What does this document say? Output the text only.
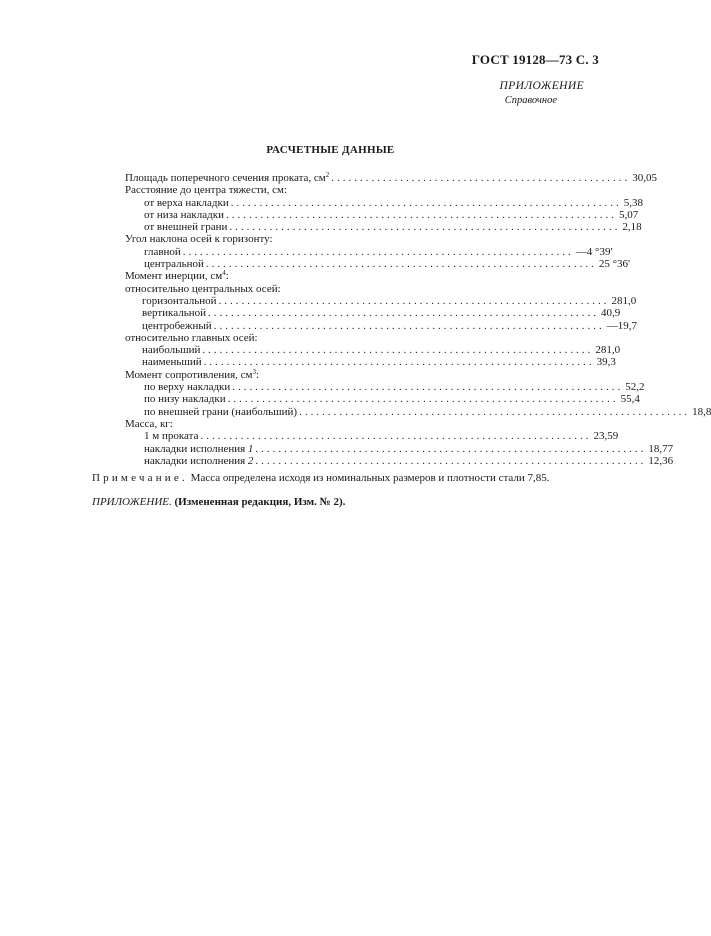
ГОСТ 19128—73 С. 3
ПРИЛОЖЕНИЕ
Справочное
РАСЧЕТНЫЕ ДАННЫЕ
Площадь поперечного сечения проката, $см^2$ .................................................... 30,05
Расстояние до центра тяжести, см:
от верха накладки .................................................................... 5,38
от низа накладки .................................................................... 5,07
от внешней грани .................................................................... 2,18
Угол наклона осей к горизонту:
главной .................................................................... —4 °39′
центральной .................................................................... 25 °36′
Момент инерции, $см^4$:
относительно центральных осей:
горизонтальной .................................................................... 281,0
вертикальной .................................................................... 40,9
центробежный .................................................................... —19,7
относительно главных осей:
наибольший .................................................................... 281,0
наименьший .................................................................... 39,3
Момент сопротивления, $см^3$:
по верху накладки .................................................................... 52,2
по низу накладки .................................................................... 55,4
по внешней грани (наибольший) .................................................................... 18,8
Масса, кг:
1 м проката .................................................................... 23,59
накладки исполнения 1 .................................................................... 18,77
накладки исполнения 2 .................................................................... 12,36
Примечание. Масса определена исходя из номинальных размеров и плотности стали 7,85.
ПРИЛОЖЕНИЕ. (Измененная редакция, Изм. № 2).
